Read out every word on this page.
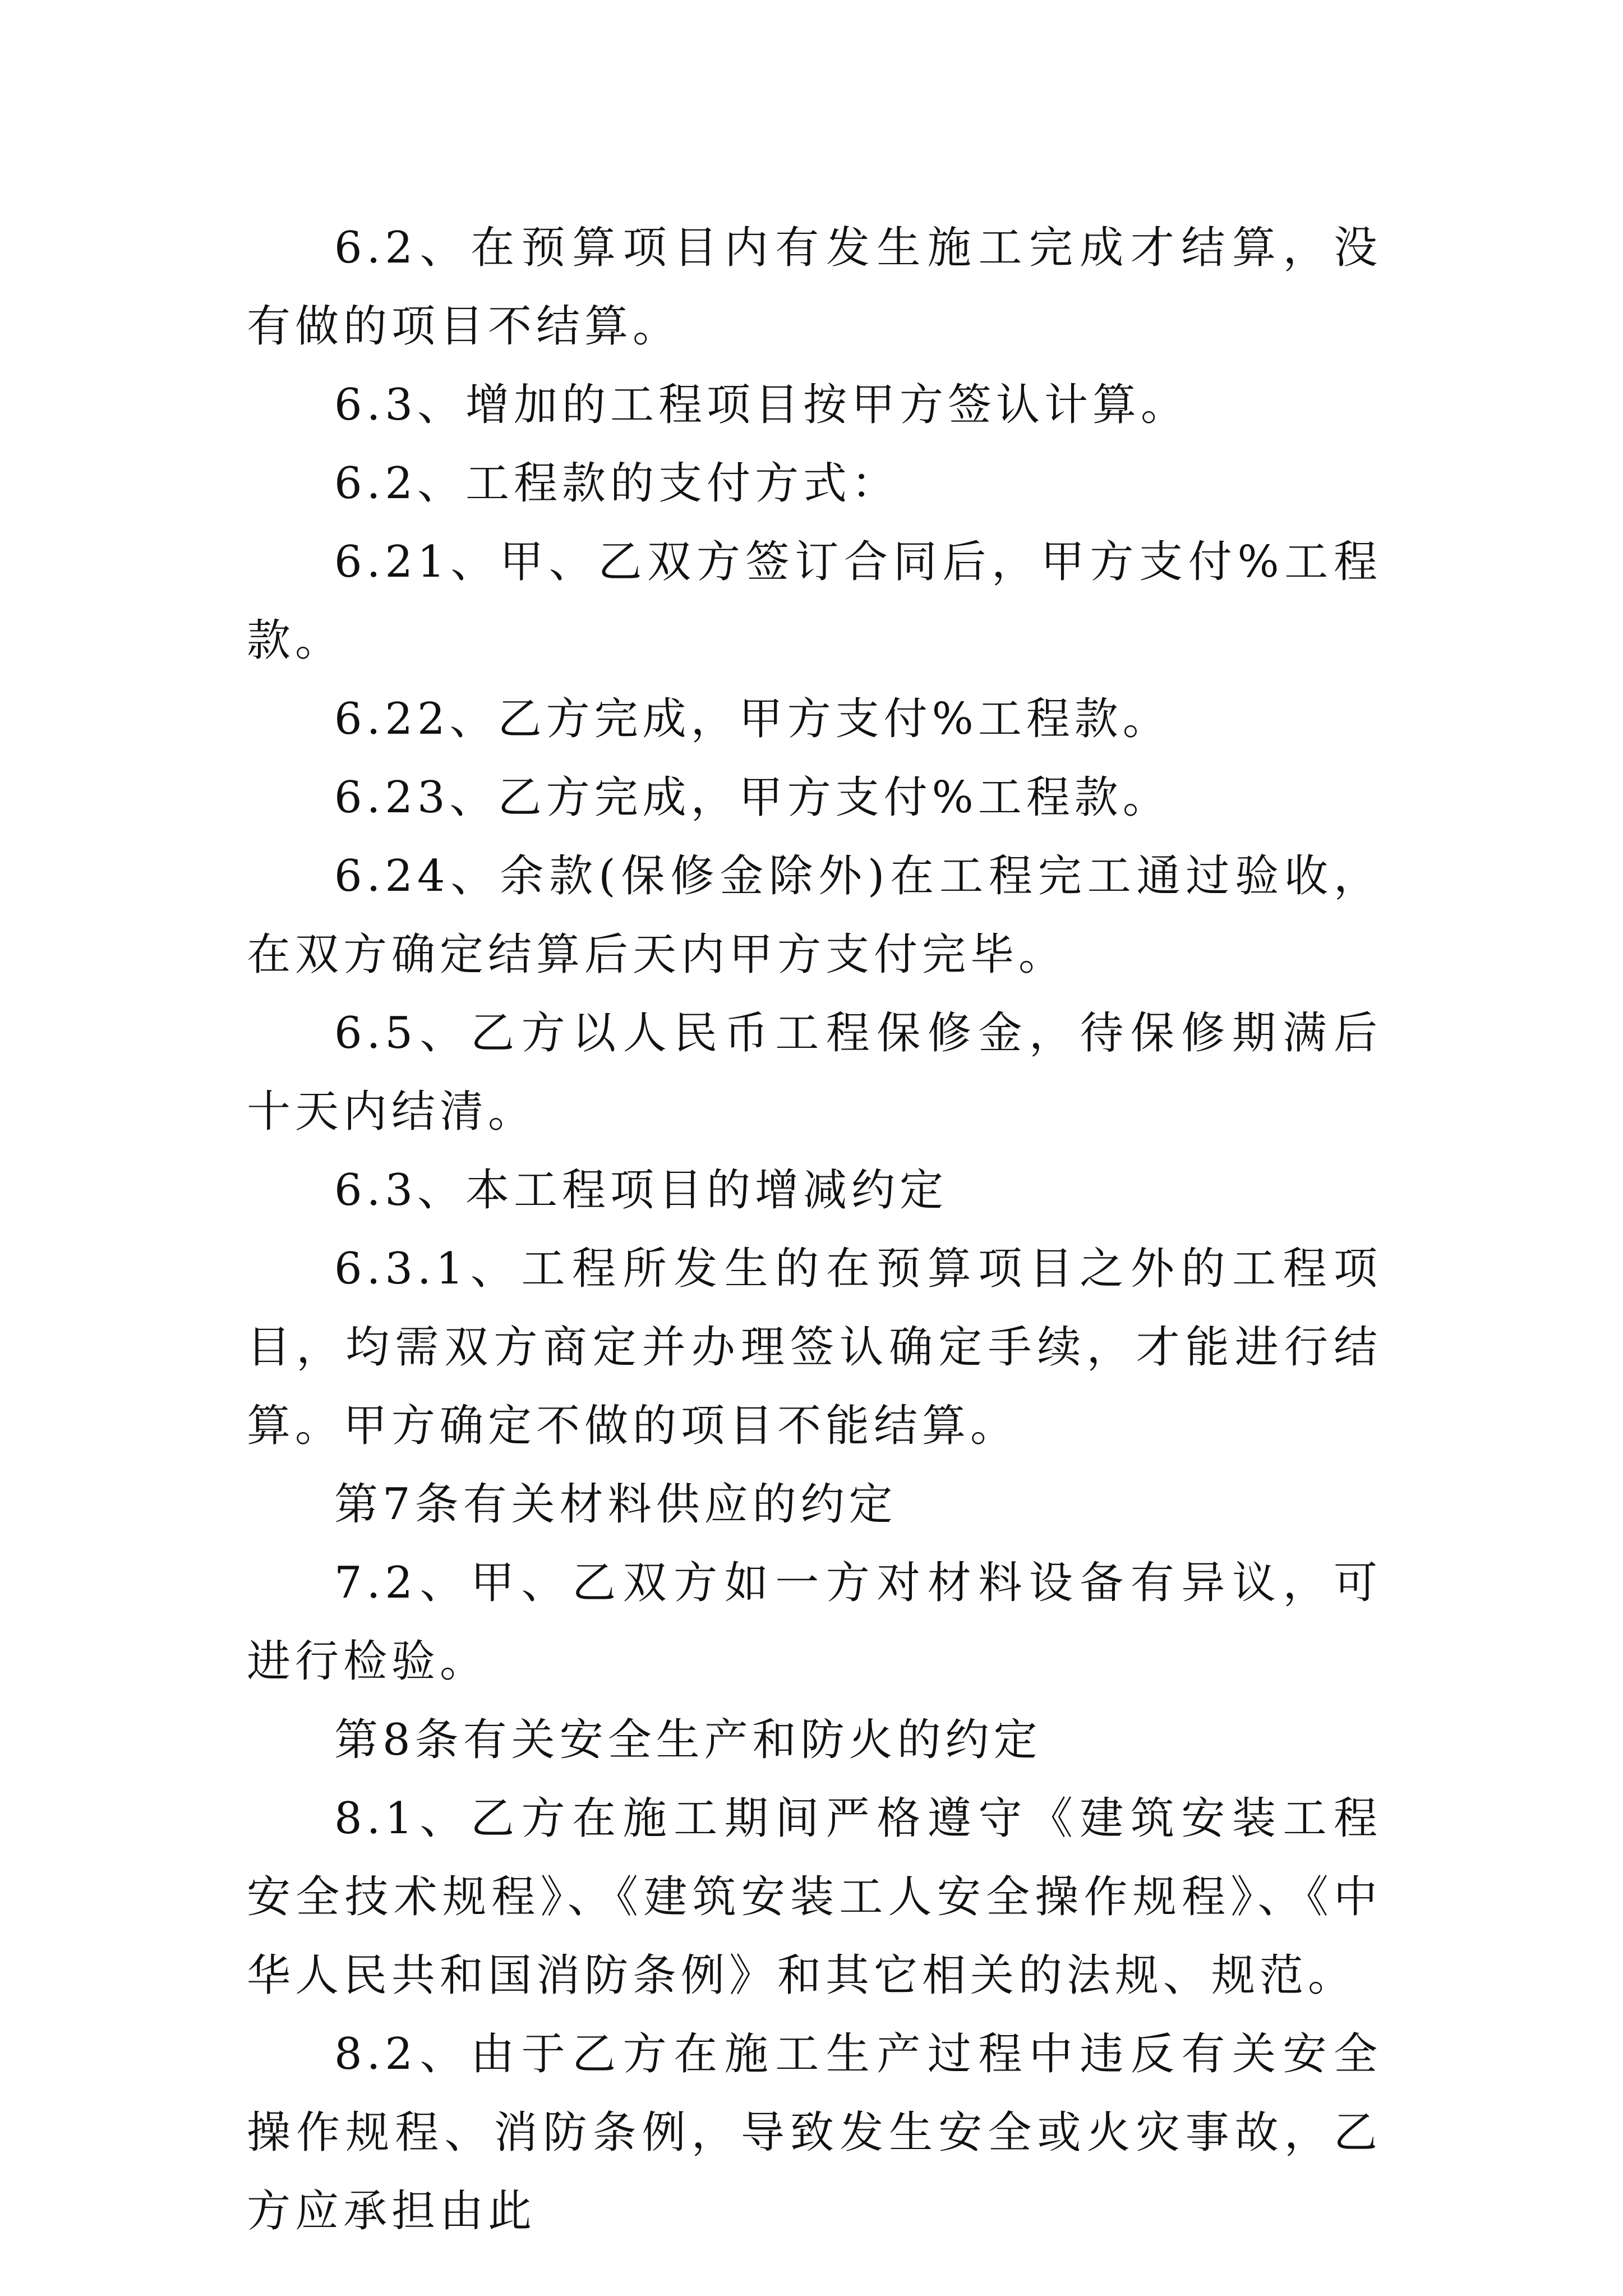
6.2、在预算项目内有发生施工完成才结算，没有做的项目不结算。

6.3、增加的工程项目按甲方签认计算。

6.2、工程款的支付方式：

6.21、甲、乙双方签订合同后，甲方支付%工程款。

6.22、乙方完成，甲方支付%工程款。

6.23、乙方完成，甲方支付%工程款。

6.24、余款(保修金除外)在工程完工通过验收，在双方确定结算后天内甲方支付完毕。

6.5、乙方以人民币工程保修金，待保修期满后十天内结清。

6.3、本工程项目的增减约定

6.3.1、工程所发生的在预算项目之外的工程项目，均需双方商定并办理签认确定手续，才能进行结算。甲方确定不做的项目不能结算。

第7条有关材料供应的约定

7.2、甲、乙双方如一方对材料设备有异议，可进行检验。

第8条有关安全生产和防火的约定

8.1、乙方在施工期间严格遵守《建筑安装工程安全技术规程》、《建筑安装工人安全操作规程》、《中华人民共和国消防条例》和其它相关的法规、规范。

8.2、由于乙方在施工生产过程中违反有关安全操作规程、消防条例，导致发生安全或火灾事故，乙方应承担由此
